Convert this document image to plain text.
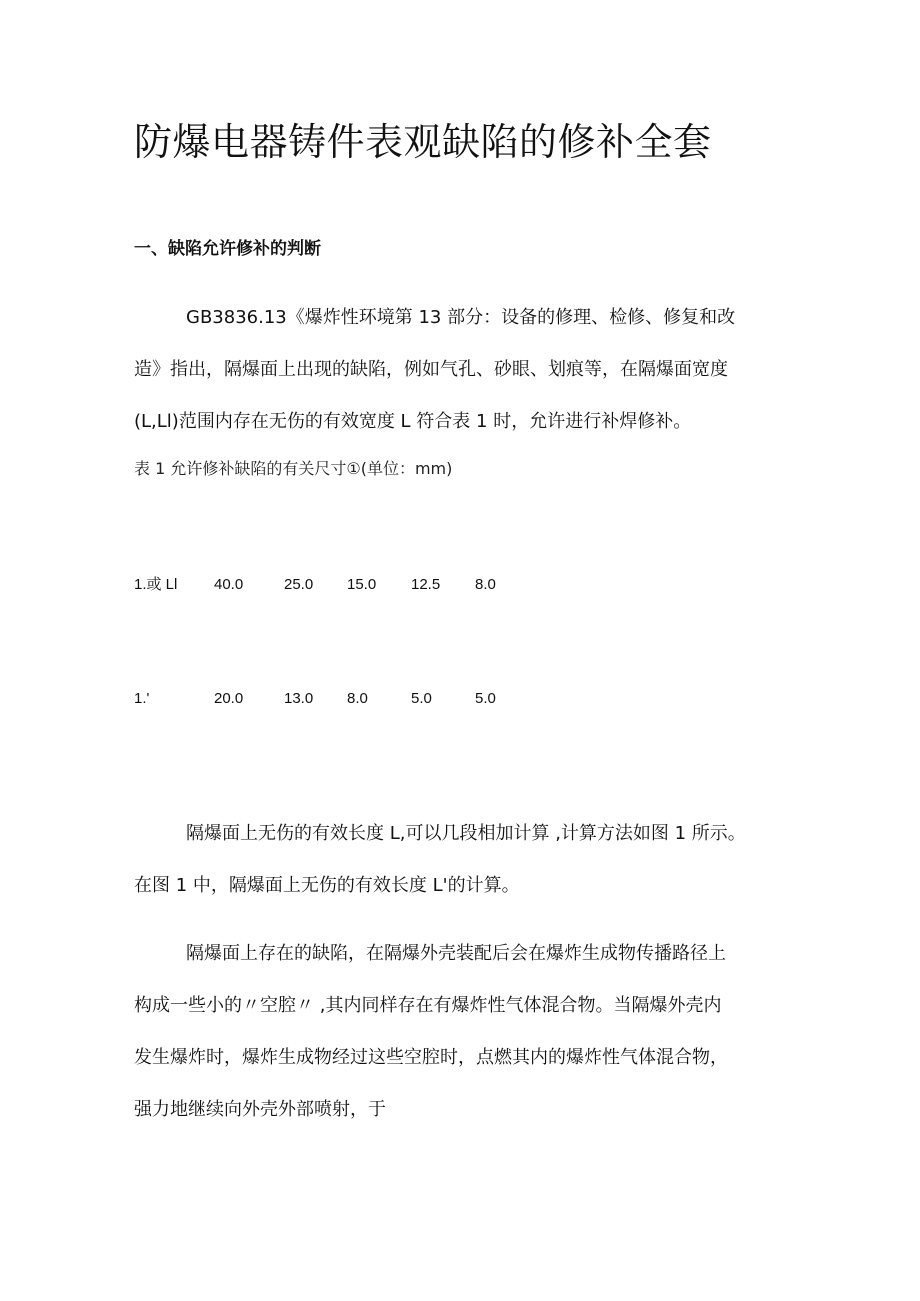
防爆电器铸件表观缺陷的修补全套
一、缺陷允许修补的判断

GB3836.13《爆炸性环境第 13 部分：设备的修理、检修、修复和改
造》指出，隔爆面上出现的缺陷，例如气孔、砂眼、划痕等，在隔爆面宽度
(L,Ll)范围内存在无伤的有效宽度 L 符合表 1 时，允许进行补焊修补。

表 1 允许修补缺陷的有关尺寸①(单位：mm)
1.或 Ll 40.0	25.0 15.0 12.5 8.0
1.'	20.0	13.0 8.0	5.0	5.0

隔爆面上无伤的有效长度 L,可以几段相加计算 ,计算方法如图 1 所示。
在图 1 中，隔爆面上无伤的有效长度 L'的计算。

隔爆面上存在的缺陷，在隔爆外壳装配后会在爆炸生成物传播路径上
构成一些小的〃空腔〃 ,其内同样存在有爆炸性气体混合物。当隔爆外壳内
发生爆炸时，爆炸生成物经过这些空腔时，点燃其内的爆炸性气体混合物，
强力地继续向外壳外部喷射，于
